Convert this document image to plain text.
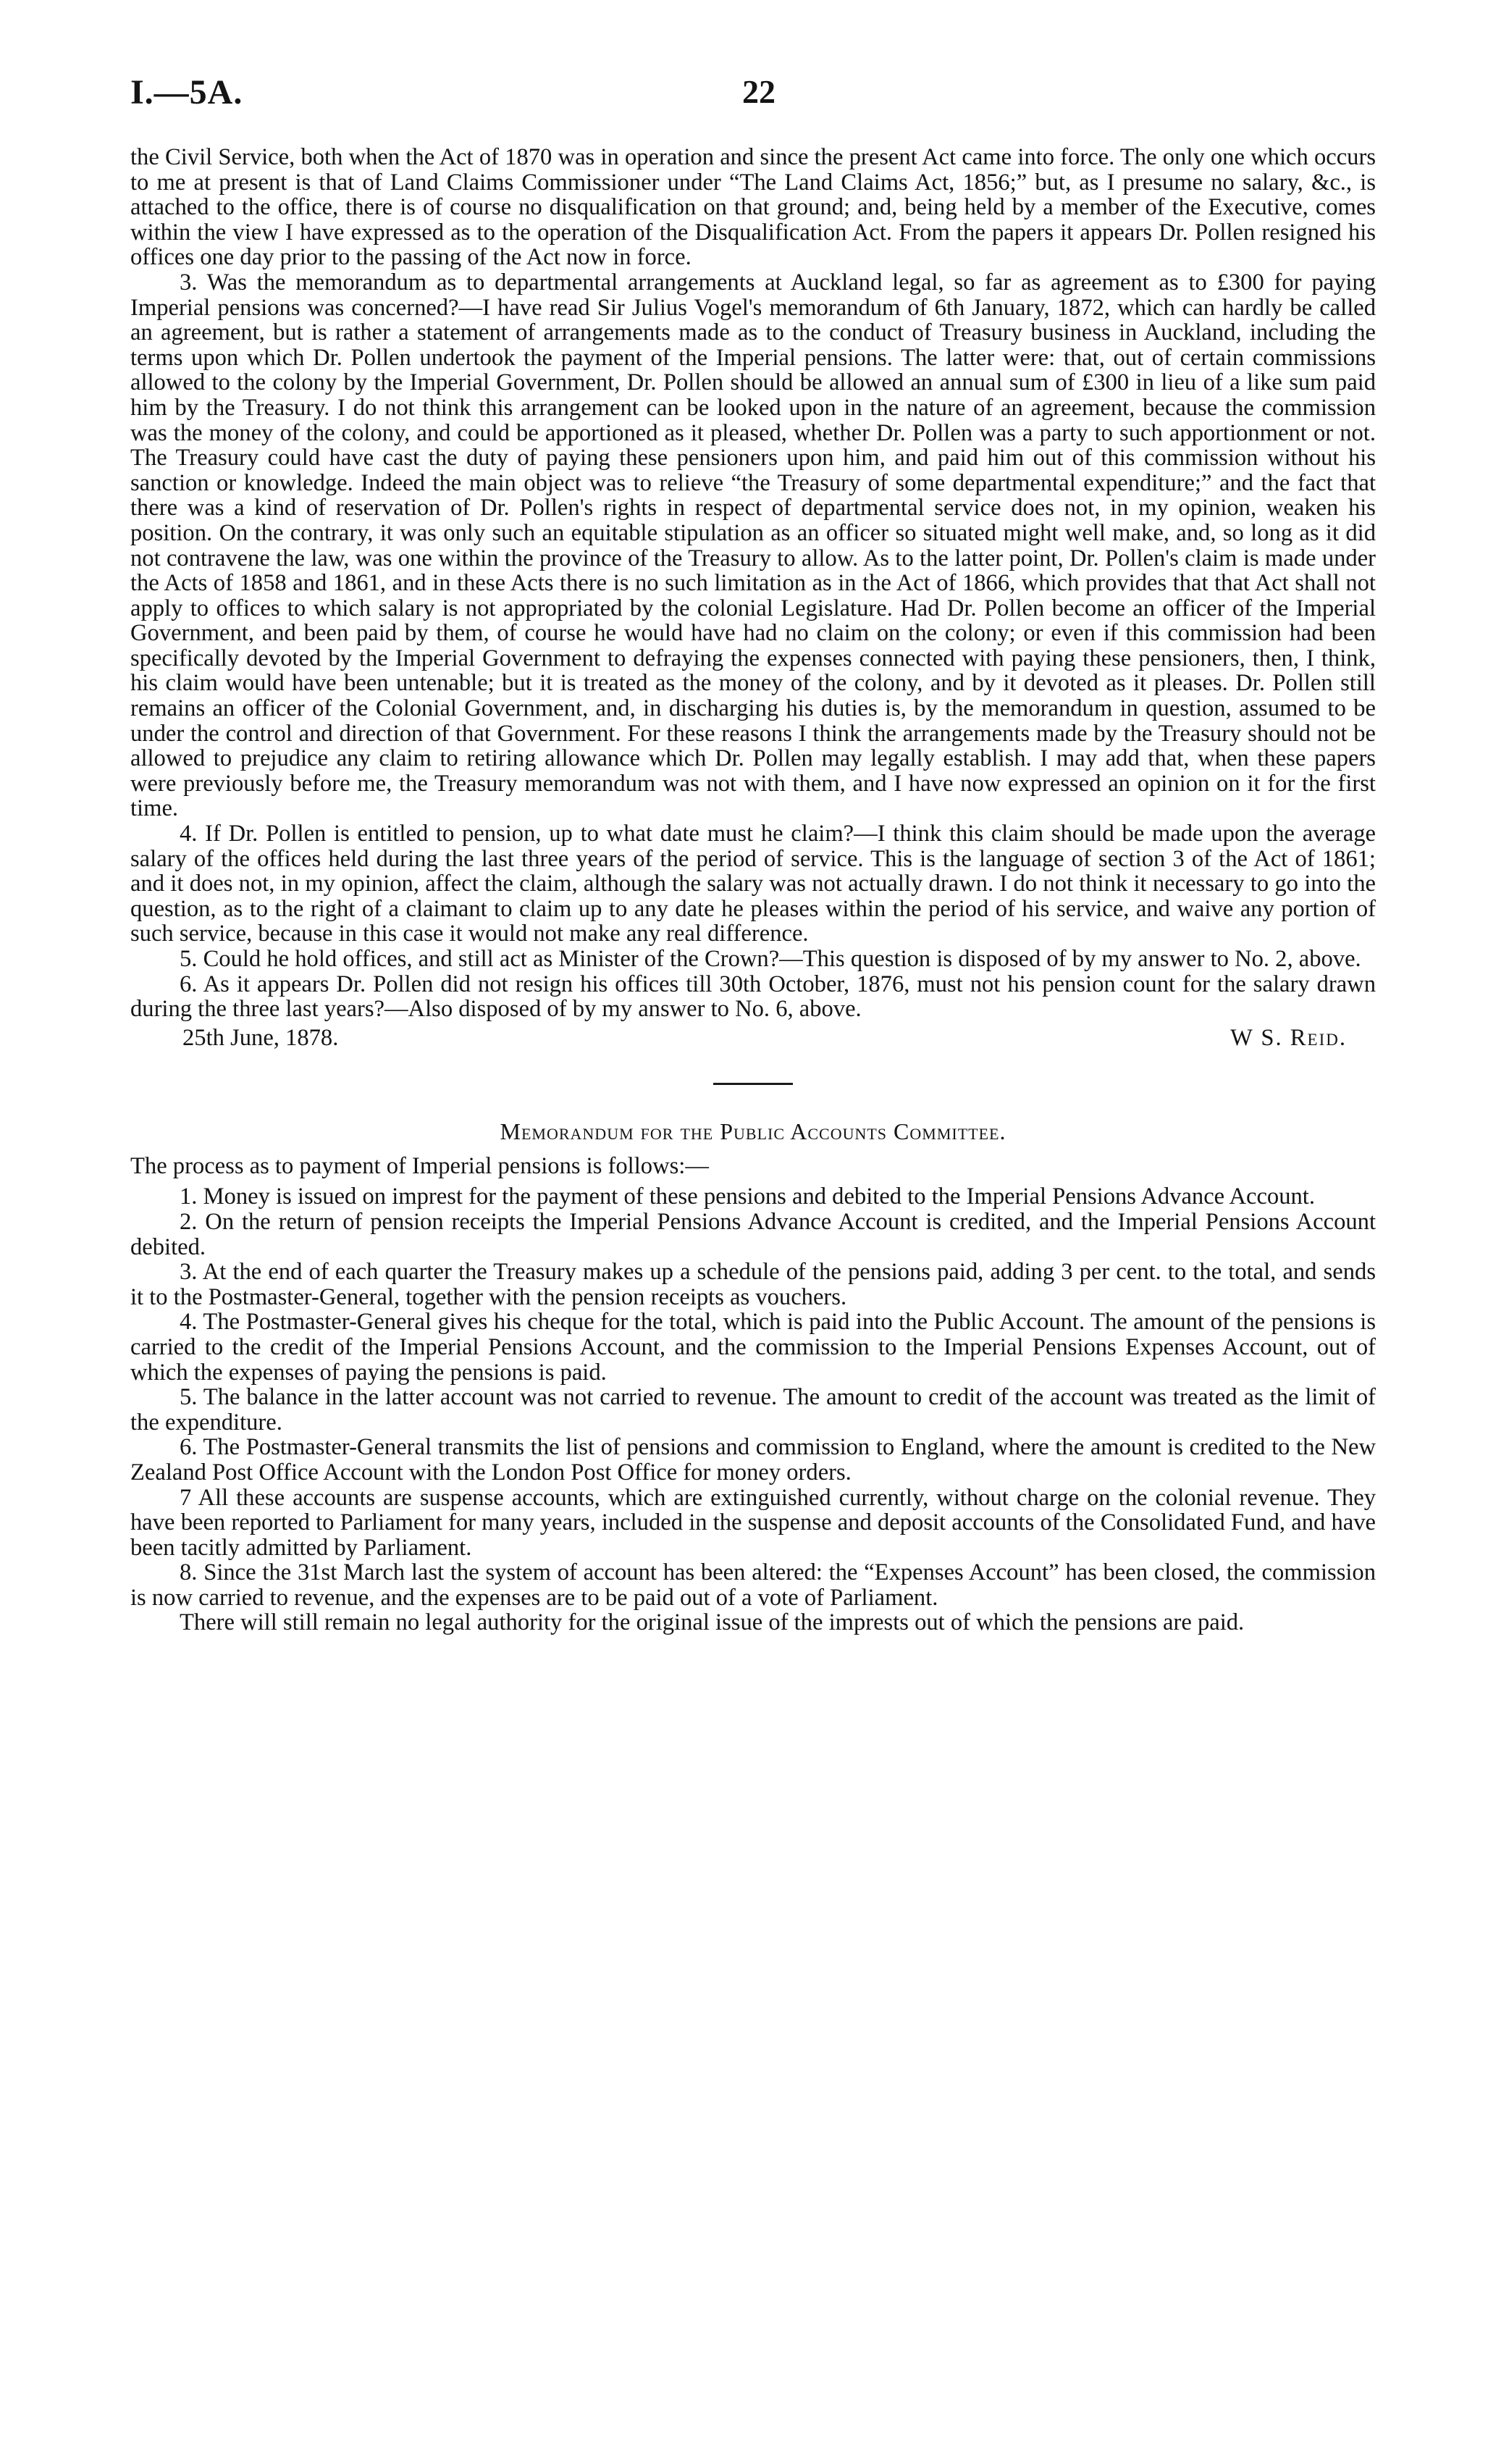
I.—5A.	22

the Civil Service, both when the Act of 1870 was in operation and since the present Act came into force. The only one which occurs to me at present is that of Land Claims Commissioner under “The Land Claims Act, 1856;” but, as I presume no salary, &c., is attached to the office, there is of course no disqualification on that ground; and, being held by a member of the Executive, comes within the view I have expressed as to the operation of the Disqualification Act. From the papers it appears Dr. Pollen resigned his offices one day prior to the passing of the Act now in force.

3. Was the memorandum as to departmental arrangements at Auckland legal, so far as agreement as to £300 for paying Imperial pensions was concerned?—I have read Sir Julius Vogel's memorandum of 6th January, 1872, which can hardly be called an agreement, but is rather a statement of arrangements made as to the conduct of Treasury business in Auckland, including the terms upon which Dr. Pollen undertook the payment of the Imperial pensions. The latter were: that, out of certain commissions allowed to the colony by the Imperial Government, Dr. Pollen should be allowed an annual sum of £300 in lieu of a like sum paid him by the Treasury. I do not think this arrangement can be looked upon in the nature of an agreement, because the commission was the money of the colony, and could be apportioned as it pleased, whether Dr. Pollen was a party to such apportionment or not. The Treasury could have cast the duty of paying these pensioners upon him, and paid him out of this commission without his sanction or knowledge. Indeed the main object was to relieve “the Treasury of some departmental expenditure;” and the fact that there was a kind of reservation of Dr. Pollen's rights in respect of departmental service does not, in my opinion, weaken his position. On the contrary, it was only such an equitable stipulation as an officer so situated might well make, and, so long as it did not contravene the law, was one within the province of the Treasury to allow. As to the latter point, Dr. Pollen's claim is made under the Acts of 1858 and 1861, and in these Acts there is no such limitation as in the Act of 1866, which provides that that Act shall not apply to offices to which salary is not appropriated by the colonial Legislature. Had Dr. Pollen become an officer of the Imperial Government, and been paid by them, of course he would have had no claim on the colony; or even if this commission had been specifically devoted by the Imperial Government to defraying the expenses connected with paying these pensioners, then, I think, his claim would have been untenable; but it is treated as the money of the colony, and by it devoted as it pleases. Dr. Pollen still remains an officer of the Colonial Government, and, in discharging his duties is, by the memorandum in question, assumed to be under the control and direction of that Government. For these reasons I think the arrangements made by the Treasury should not be allowed to prejudice any claim to retiring allowance which Dr. Pollen may legally establish. I may add that, when these papers were previously before me, the Treasury memorandum was not with them, and I have now expressed an opinion on it for the first time.

4. If Dr. Pollen is entitled to pension, up to what date must he claim?—I think this claim should be made upon the average salary of the offices held during the last three years of the period of service. This is the language of section 3 of the Act of 1861; and it does not, in my opinion, affect the claim, although the salary was not actually drawn. I do not think it necessary to go into the question, as to the right of a claimant to claim up to any date he pleases within the period of his service, and waive any portion of such service, because in this case it would not make any real difference.

5. Could he hold offices, and still act as Minister of the Crown?—This question is disposed of by my answer to No. 2, above.

6. As it appears Dr. Pollen did not resign his offices till 30th October, 1876, must not his pension count for the salary drawn during the three last years?—Also disposed of by my answer to No. 6, above.

25th June, 1878.	W S. Reid.
Memorandum for the Public Accounts Committee.

The process as to payment of Imperial pensions is follows:—

1. Money is issued on imprest for the payment of these pensions and debited to the Imperial Pensions Advance Account.

2. On the return of pension receipts the Imperial Pensions Advance Account is credited, and the Imperial Pensions Account debited.

3. At the end of each quarter the Treasury makes up a schedule of the pensions paid, adding 3 per cent. to the total, and sends it to the Postmaster-General, together with the pension receipts as vouchers.

4. The Postmaster-General gives his cheque for the total, which is paid into the Public Account. The amount of the pensions is carried to the credit of the Imperial Pensions Account, and the commission to the Imperial Pensions Expenses Account, out of which the expenses of paying the pensions is paid.

5. The balance in the latter account was not carried to revenue. The amount to credit of the account was treated as the limit of the expenditure.

6. The Postmaster-General transmits the list of pensions and commission to England, where the amount is credited to the New Zealand Post Office Account with the London Post Office for money orders.

7 All these accounts are suspense accounts, which are extinguished currently, without charge on the colonial revenue. They have been reported to Parliament for many years, included in the suspense and deposit accounts of the Consolidated Fund, and have been tacitly admitted by Parliament.

8. Since the 31st March last the system of account has been altered: the “Expenses Account” has been closed, the commission is now carried to revenue, and the expenses are to be paid out of a vote of Parliament.

There will still remain no legal authority for the original issue of the imprests out of which the pensions are paid.
